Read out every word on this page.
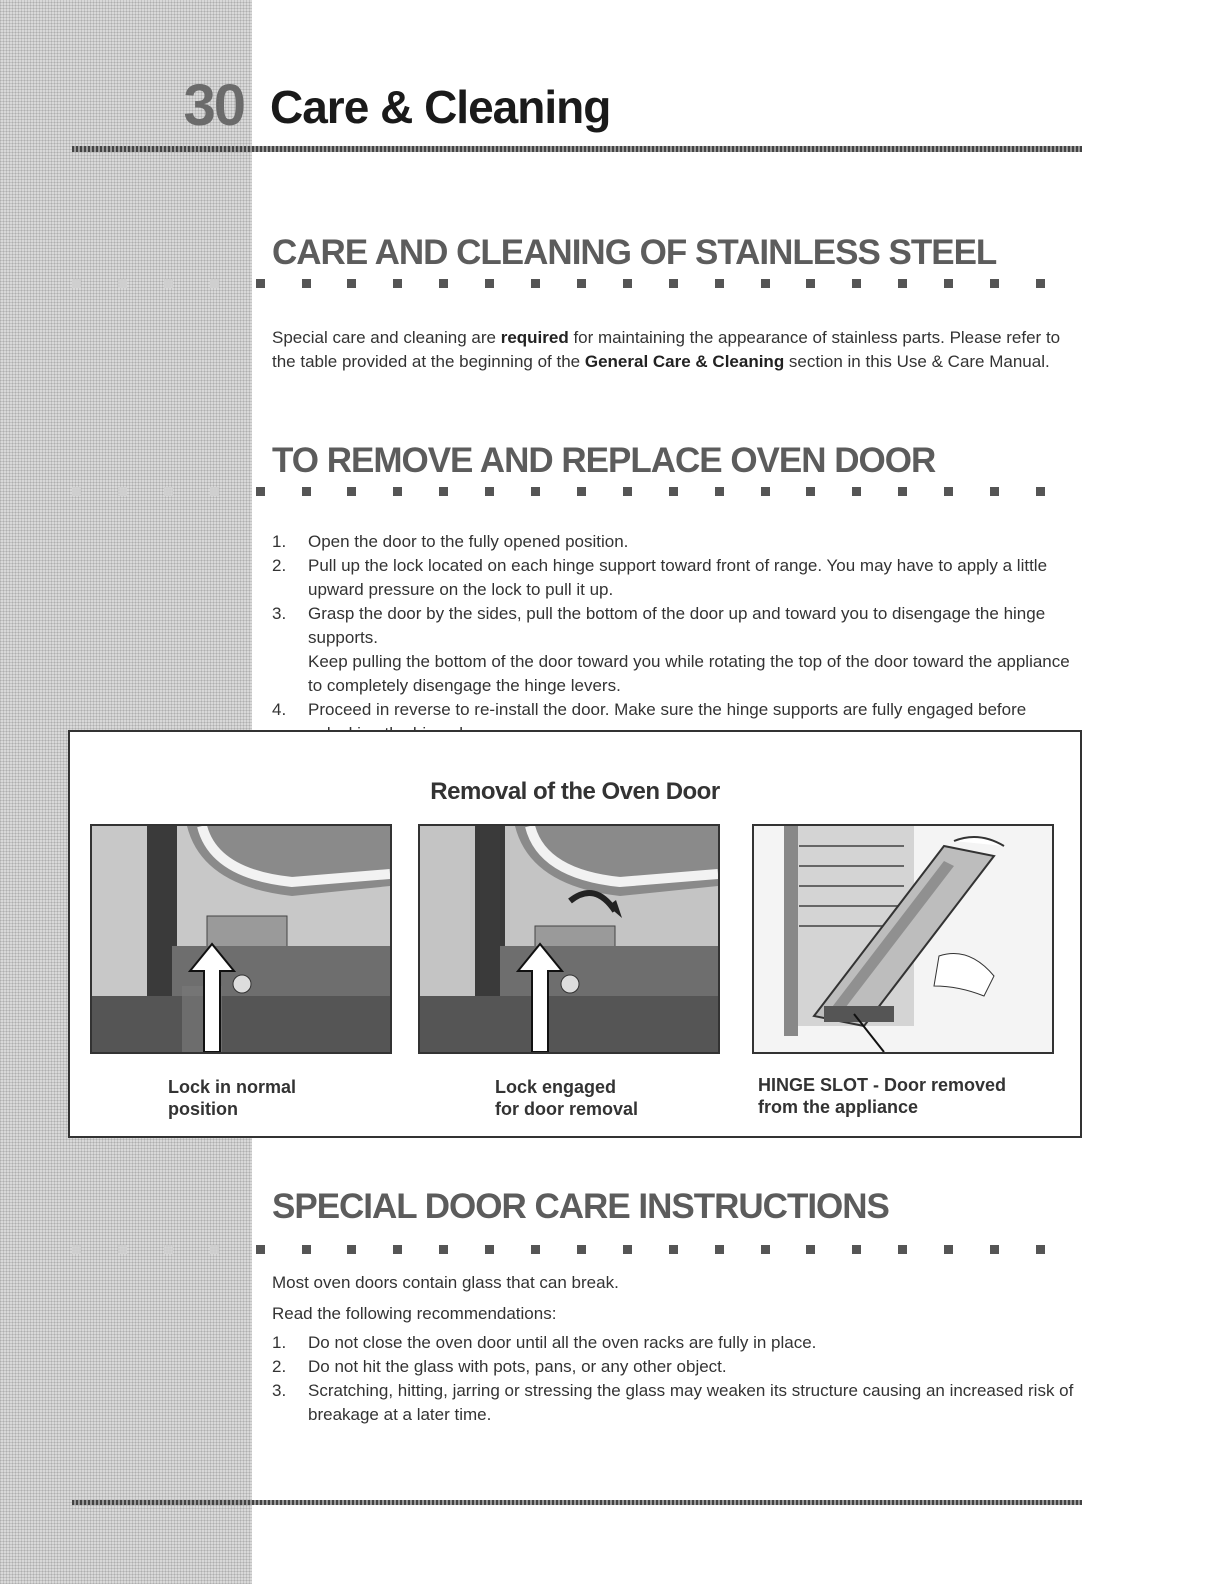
30 Care & Cleaning
CARE AND CLEANING OF STAINLESS STEEL
Special care and cleaning are required for maintaining the appearance of stainless parts. Please refer to the table provided at the beginning of the General Care & Cleaning section in this Use & Care Manual.
TO REMOVE AND REPLACE OVEN DOOR
1.	Open the door to the fully opened position.
2.	Pull up the lock located on each hinge support toward front of range. You may have to apply a little upward pressure on the lock to pull it up.
3.	Grasp the door by the sides, pull the bottom of the door up and toward you to disengage the hinge supports.
Keep pulling the bottom of the door toward you while rotating the top of the door toward the appliance to completely disengage the hinge levers.
4.	Proceed in reverse to re-install the door. Make sure the hinge supports are fully engaged before
Removal of the Oven Door
Lock in normal
position
Lock engaged
for door removal
HINGE SLOT - Door removed
from the appliance
SPECIAL DOOR CARE INSTRUCTIONS
Most oven doors contain glass that can break.
Read the following recommendations:
1.	Do not close the oven door until all the oven racks are fully in place.
2.	Do not hit the glass with pots, pans, or any other object.
3.	Scratching, hitting, jarring or stressing the glass may weaken its structure causing an increased risk of breakage at a later time.
